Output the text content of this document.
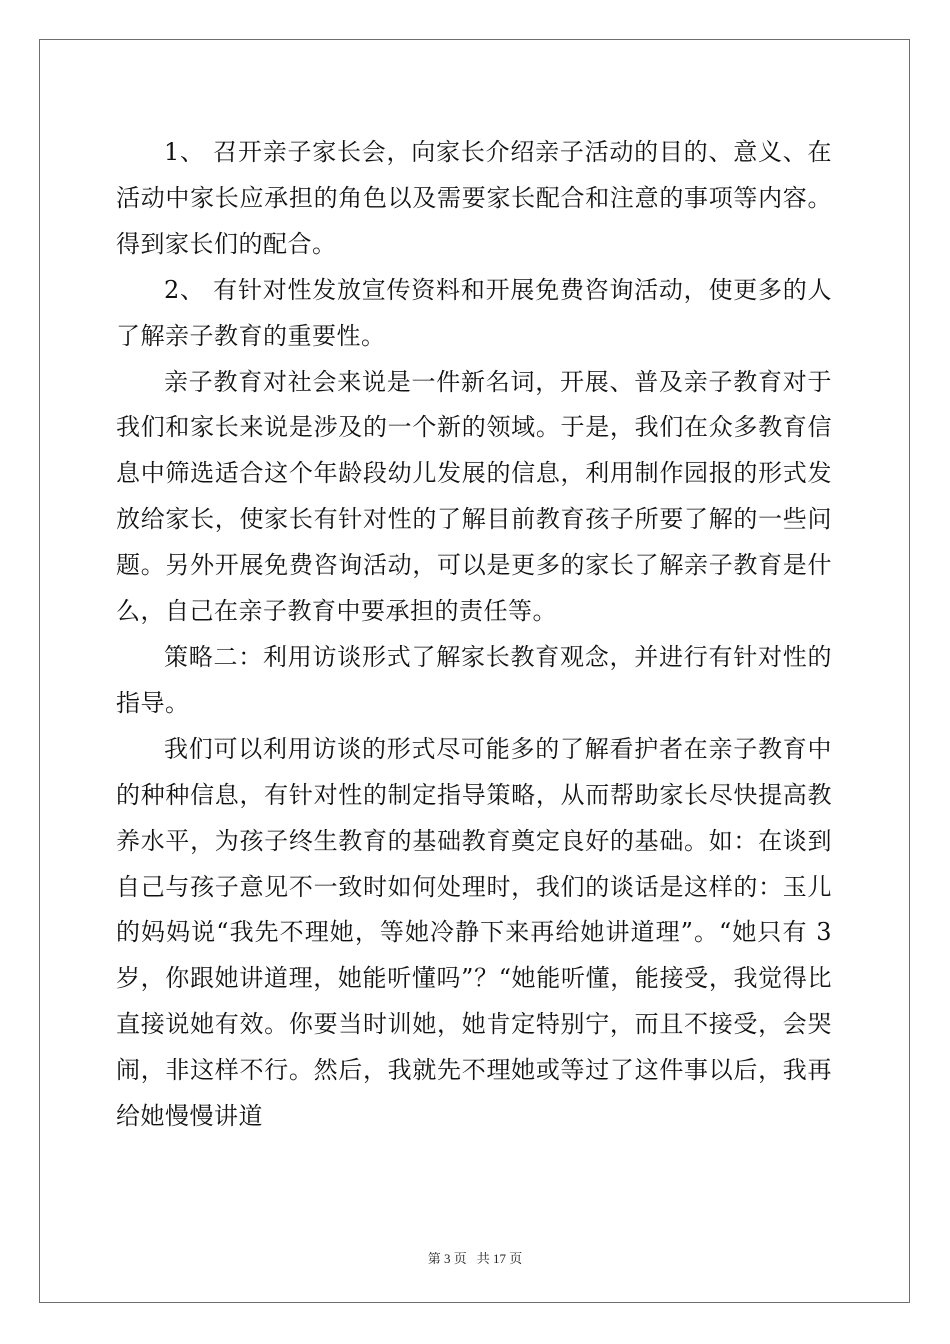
1、 召开亲子家长会，向家长介绍亲子活动的目的、意义、在活动中家长应承担的角色以及需要家长配合和注意的事项等内容。得到家长们的配合。

2、 有针对性发放宣传资料和开展免费咨询活动，使更多的人了解亲子教育的重要性。

亲子教育对社会来说是一件新名词，开展、普及亲子教育对于我们和家长来说是涉及的一个新的领域。于是，我们在众多教育信息中筛选适合这个年龄段幼儿发展的信息，利用制作园报的形式发放给家长，使家长有针对性的了解目前教育孩子所要了解的一些问题。另外开展免费咨询活动，可以是更多的家长了解亲子教育是什么，自己在亲子教育中要承担的责任等。

策略二：利用访谈形式了解家长教育观念，并进行有针对性的指导。

我们可以利用访谈的形式尽可能多的了解看护者在亲子教育中的种种信息，有针对性的制定指导策略，从而帮助家长尽快提高教养水平，为孩子终生教育的基础教育奠定良好的基础。如：在谈到自己与孩子意见不一致时如何处理时，我们的谈话是这样的：玉儿的妈妈说“我先不理她，等她冷静下来再给她讲道理”。“她只有 3 岁，你跟她讲道理，她能听懂吗”？“她能听懂，能接受，我觉得比直接说她有效。你要当时训她，她肯定特别宁，而且不接受，会哭闹，非这样不行。然后，我就先不理她或等过了这件事以后，我再给她慢慢讲道

第 3 页 共 17 页
